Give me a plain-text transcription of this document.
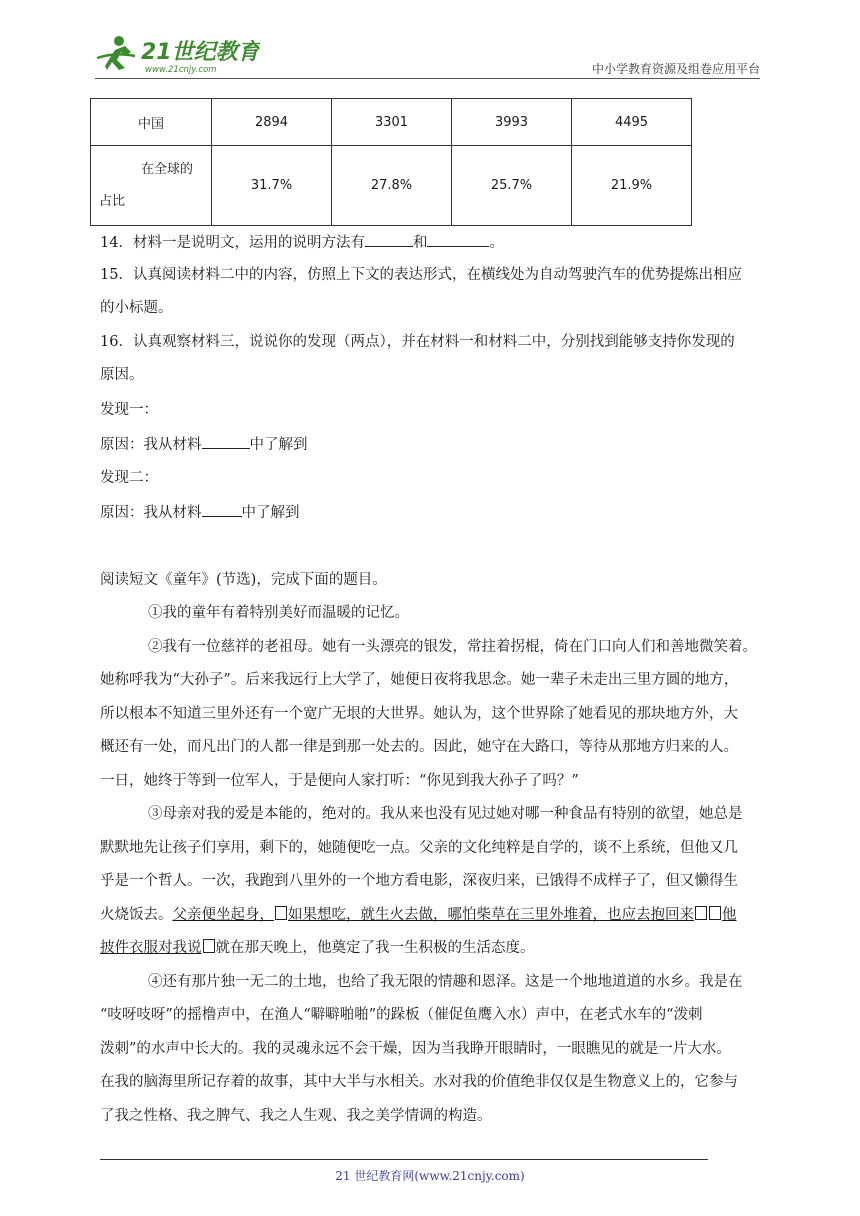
21世纪教育
www.21cnjy.com	中小学教育资源及组卷应用平台
中国	2894	3301	3993	4495

在全球的
占比	31.7%	27.8%	25.7%	21.9%
14．材料一是说明文，运用的说明方法有	和	。
15．认真阅读材料二中的内容，仿照上下文的表达形式，在横线处为自动驾驶汽车的优势提炼出相应
的小标题。
16．认真观察材料三，说说你的发现（两点），并在材料一和材料二中，分别找到能够支持你发现的
原因。
发现一：
原因：我从材料	中了解到
发现二：
原因：我从材料	中了解到
阅读短文《童年》(节选)，完成下面的题目。
①我的童年有着特别美好而温暖的记忆。
②我有一位慈祥的老祖母。她有一头漂亮的银发，常拄着拐棍，倚在门口向人们和善地微笑着。
她称呼我为“大孙子”。后来我远行上大学了，她便日夜将我思念。她一辈子未走出三里方圆的地方，
所以根本不知道三里外还有一个宽广无垠的大世界。她认为，这个世界除了她看见的那块地方外，大
概还有一处，而凡出门的人都一律是到那一处去的。因此，她守在大路口，等待从那地方归来的人。
一日，她终于等到一位军人，于是便向人家打听：“你见到我大孙子了吗？”
③母亲对我的爱是本能的，绝对的。我从来也没有见过她对哪一种食品有特别的欲望，她总是
默默地先让孩子们享用，剩下的，她随便吃一点。父亲的文化纯粹是自学的，谈不上系统，但他又几
乎是一个哲人。一次，我跑到八里外的一个地方看电影，深夜归来，已饿得不成样子了，但又懒得生
火烧饭去。父亲便坐起身， 如果想吃，就生火去做，哪怕柴草在三里外堆着，也应去抱回来 他
披件衣服对我说 就在那天晚上，他奠定了我一生积极的生活态度。
④还有那片独一无二的土地，也给了我无限的情趣和恩泽。这是一个地地道道的水乡。我是在
“吱呀吱呀”的摇橹声中，在渔人“噼噼啪啪”的跺板（催促鱼鹰入水）声中，在老式水车的“泼刺
泼刺”的水声中长大的。我的灵魂永远不会干燥，因为当我睁开眼睛时，一眼瞧见的就是一片大水。
在我的脑海里所记存着的故事，其中大半与水相关。水对我的价值绝非仅仅是生物意义上的，它参与
了我之性格、我之脾气、我之人生观、我之美学情调的构造。
21 世纪教育网(www.21cnjy.com)
